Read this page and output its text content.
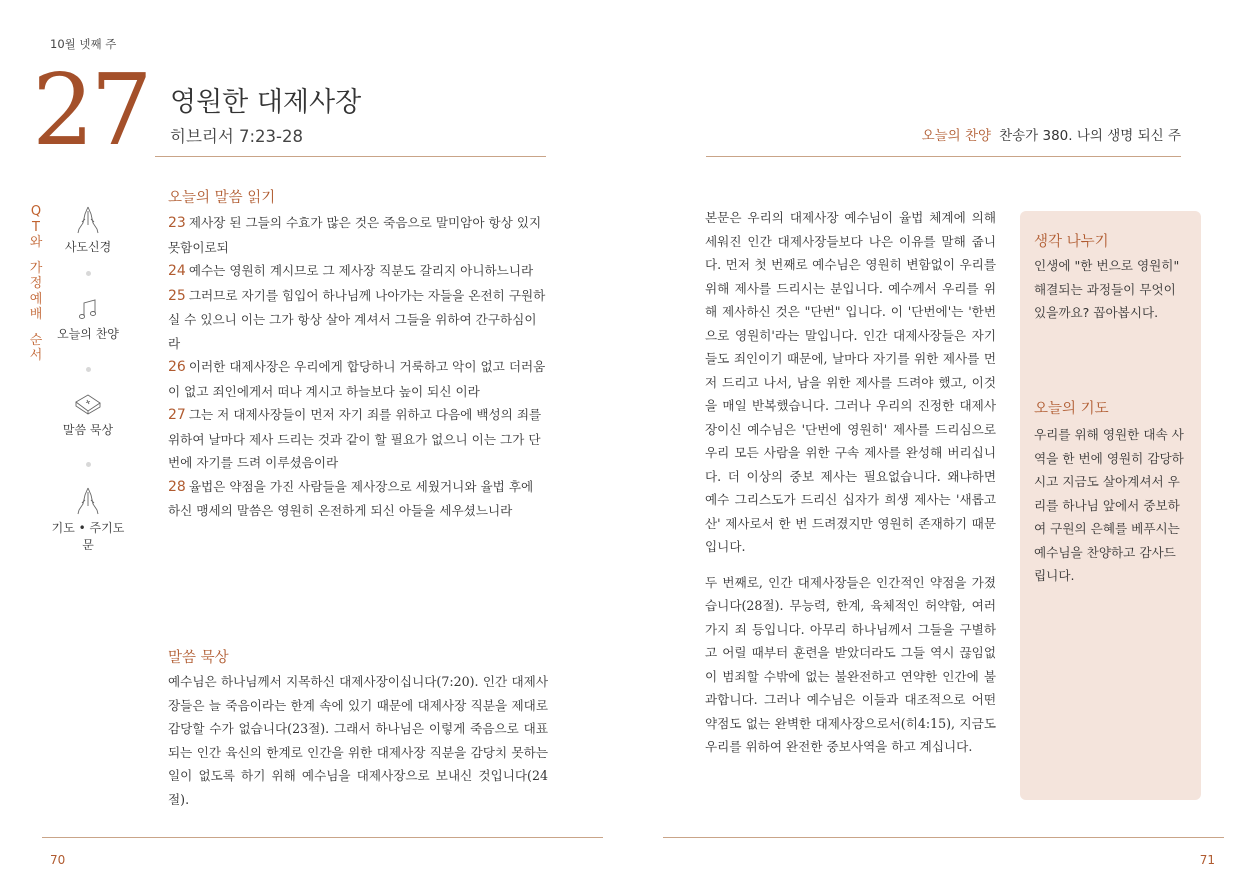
10월 넷째 주
27 영원한 대제사장
히브리서 7:23-28	오늘의 찬양 찬송가 380. 나의 생명 되신 주
Q
T
와
가
정
예
배
순
서
사도신경
오늘의 찬양
말씀 묵상
기도 • 주기도문
오늘의 말씀 읽기

23 제사장 된 그들의 수효가 많은 것은 죽음으로 말미암아 항상 있지 못함이로되

24 예수는 영원히 계시므로 그 제사장 직분도 갈리지 아니하느니라

25 그러므로 자기를 힘입어 하나님께 나아가는 자들을 온전히 구원하실 수 있으니 이는 그가 항상 살아 계셔서 그들을 위하여 간구하심이라

26 이러한 대제사장은 우리에게 합당하니 거룩하고 악이 없고 더러움이 없고 죄인에게서 떠나 계시고 하늘보다 높이 되신 이라

27 그는 저 대제사장들이 먼저 자기 죄를 위하고 다음에 백성의 죄를 위하여 날마다 제사 드리는 것과 같이 할 필요가 없으니 이는 그가 단번에 자기를 드려 이루셨음이라

28 율법은 약점을 가진 사람들을 제사장으로 세웠거니와 율법 후에 하신 맹세의 말씀은 영원히 온전하게 되신 아들을 세우셨느니라

말씀 묵상
예수님은 하나님께서 지목하신 대제사장이십니다(7:20). 인간 대제사장들은 늘 죽음이라는 한계 속에 있기 때문에 대제사장 직분을 제대로 감당할 수가 없습니다(23절). 그래서 하나님은 이렇게 죽음으로 대표되는 인간 육신의 한계로 인간을 위한 대제사장 직분을 감당치 못하는 일이 없도록 하기 위해 예수님을 대제사장으로 보내신 것입니다(24절).

본문은 우리의 대제사장 예수님이 율법 체계에 의해 세워진 인간 대제사장들보다 나은 이유를 말해 줍니다. 먼저 첫 번째로 예수님은 영원히 변함없이 우리를 위해 제사를 드리시는 분입니다. 예수께서 우리를 위해 제사하신 것은 "단번" 입니다. 이 '단번에'는 '한번으로 영원히'라는 말입니다. 인간 대제사장들은 자기들도 죄인이기 때문에, 날마다 자기를 위한 제사를 먼저 드리고 나서, 남을 위한 제사를 드려야 했고, 이것을 매일 반복했습니다. 그러나 우리의 진정한 대제사장이신 예수님은 '단번에 영원히' 제사를 드리심으로 우리 모든 사람을 위한 구속 제사를 완성해 버리십니다. 더 이상의 중보 제사는 필요없습니다. 왜냐하면 예수 그리스도가 드리신 십자가 희생 제사는 '새롭고 산' 제사로서 한 번 드려졌지만 영원히 존재하기 때문입니다.

두 번째로, 인간 대제사장들은 인간적인 약점을 가졌습니다(28절). 무능력, 한계, 육체적인 허약함, 여러가지 죄 등입니다. 아무리 하나님께서 그들을 구별하고 어릴 때부터 훈련을 받았더라도 그들 역시 끊임없이 범죄할 수밖에 없는 불완전하고 연약한 인간에 불과합니다. 그러나 예수님은 이들과 대조적으로 어떤 약점도 없는 완벽한 대제사장으로서(히4:15), 지금도 우리를 위하여 완전한 중보사역을 하고 계십니다.

생각 나누기
인생에 "한 번으로 영원히" 해결되는 과정들이 무엇이 있을까요? 꼽아봅시다.
오늘의 기도
우리를 위해 영원한 대속 사역을 한 번에 영원히 감당하시고 지금도 살아계셔서 우리를 하나님 앞에서 중보하여 구원의 은혜를 베푸시는 예수님을 찬양하고 감사드립니다.
70	71
